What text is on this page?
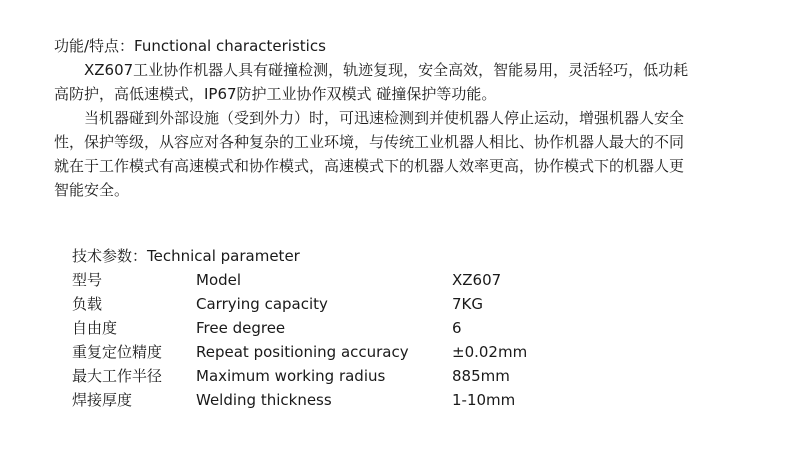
功能/特点：Functional characteristics

XZ607工业协作机器人具有碰撞检测，轨迹复现，安全高效，智能易用，灵活轻巧，低功耗高防护，高低速模式，IP67防护工业协作双模式 碰撞保护等功能。

当机器碰到外部设施（受到外力）时，可迅速检测到并使机器人停止运动，增强机器人安全性，保护等级，从容应对各种复杂的工业环境，与传统工业机器人相比、协作机器人最大的不同就在于工作模式有高速模式和协作模式，高速模式下的机器人效率更高，协作模式下的机器人更智能安全。

技术参数：Technical parameter

型号	Model	XZ607
负载	Carrying capacity	7KG
自由度	Free degree	6
重复定位精度	Repeat positioning accuracy	±0.02mm
最大工作半径	Maximum working radius	885mm
焊接厚度	Welding thickness	1-10mm
